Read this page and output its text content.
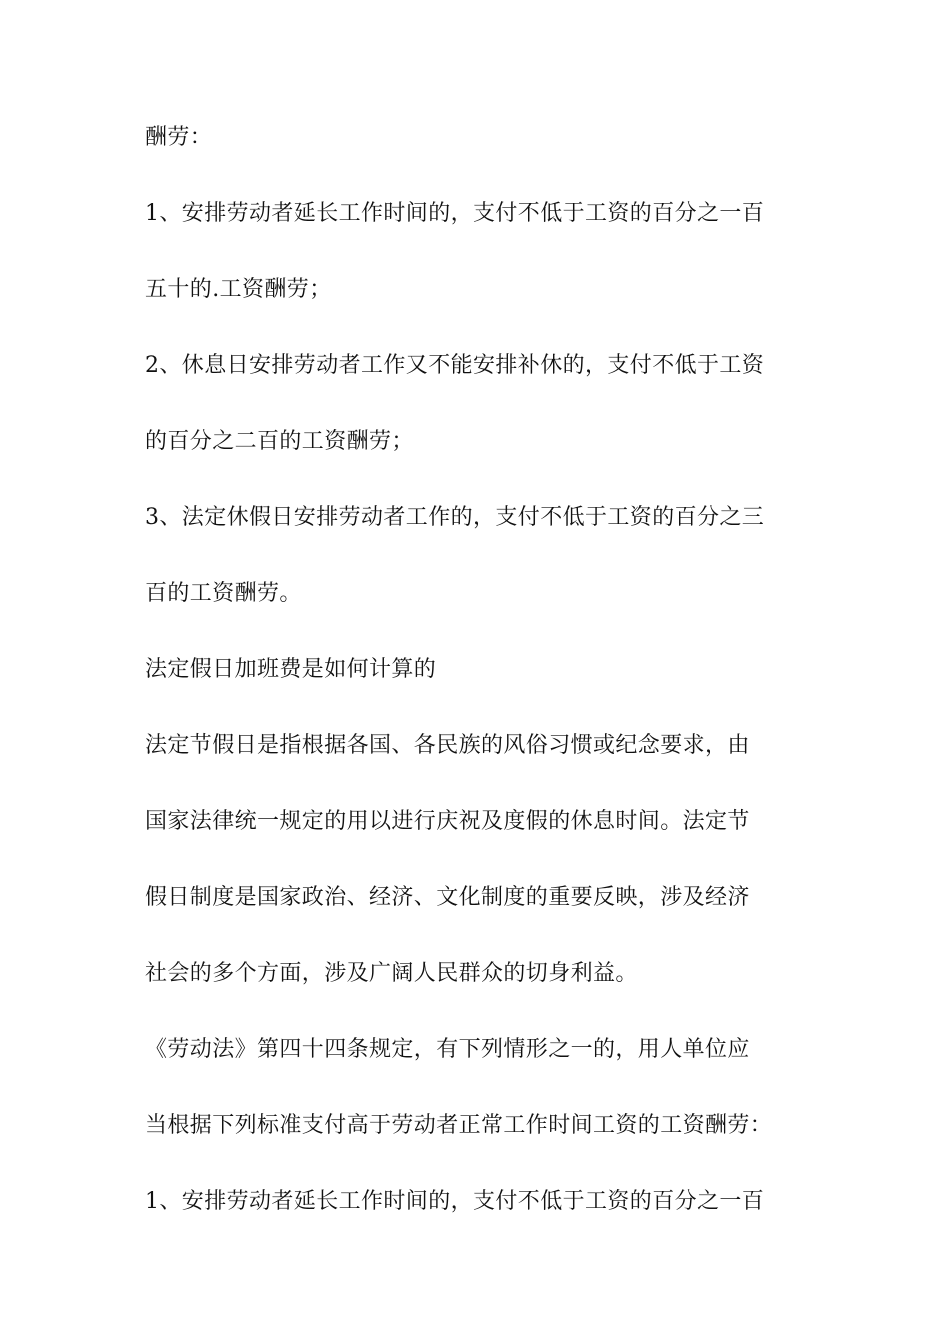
酬劳：
1、安排劳动者延长工作时间的，支付不低于工资的百分之一百
五十的.工资酬劳；
2、休息日安排劳动者工作又不能安排补休的，支付不低于工资
的百分之二百的工资酬劳；
3、法定休假日安排劳动者工作的，支付不低于工资的百分之三
百的工资酬劳。
法定假日加班费是如何计算的
法定节假日是指根据各国、各民族的风俗习惯或纪念要求，由
国家法律统一规定的用以进行庆祝及度假的休息时间。法定节
假日制度是国家政治、经济、文化制度的重要反映，涉及经济
社会的多个方面，涉及广阔人民群众的切身利益。
《劳动法》第四十四条规定，有下列情形之一的，用人单位应
当根据下列标准支付高于劳动者正常工作时间工资的工资酬劳：
1、安排劳动者延长工作时间的，支付不低于工资的百分之一百
